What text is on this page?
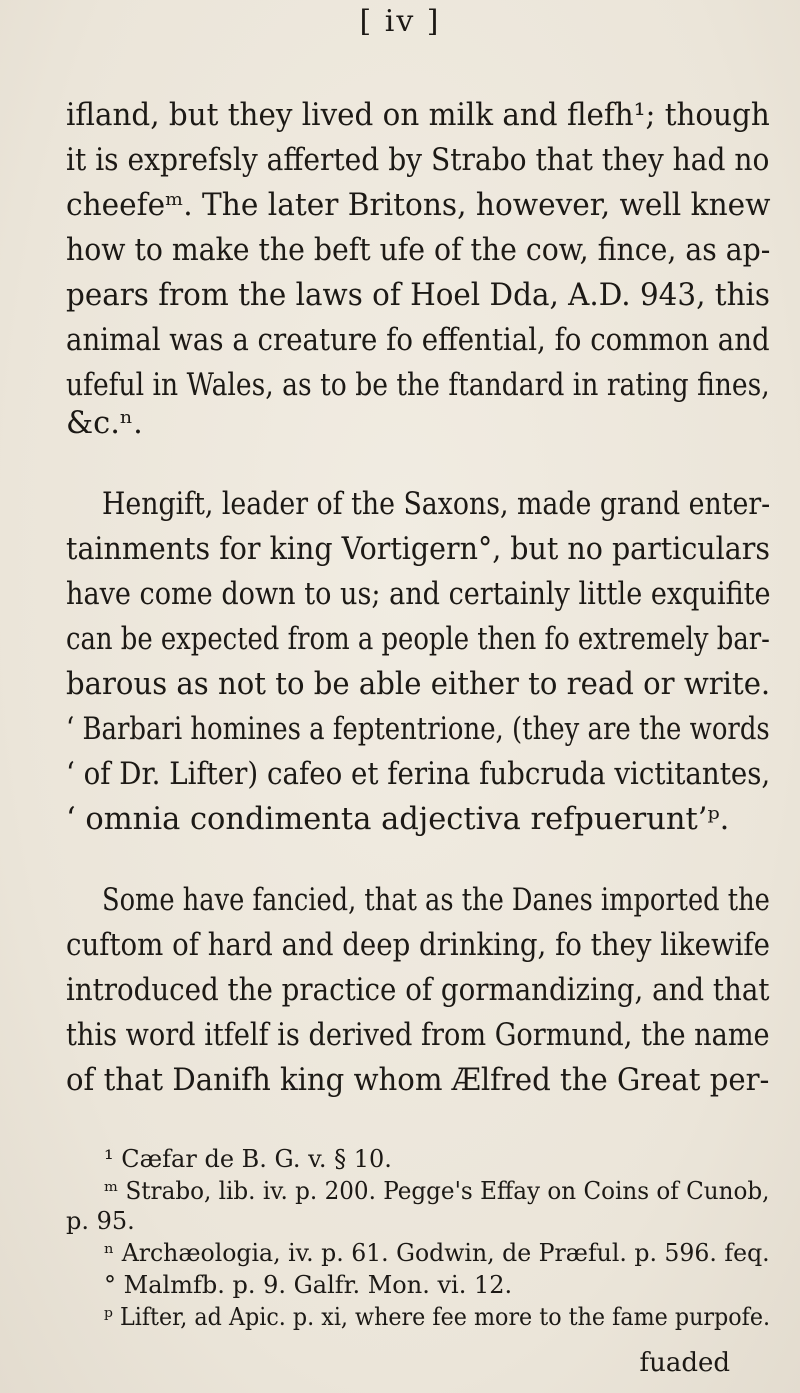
[ iv ]
ifland, but they lived on milk and flefh¹; though
it is exprefsly afferted by Strabo that they had no
cheefeᵐ. The later Britons, however, well knew
how to make the beft ufe of the cow, fince, as ap-
pears from the laws of Hoel Dda, A.D. 943, this
animal was a creature fo effential, fo common and
ufeful in Wales, as to be the ftandard in rating fines,
&c.ⁿ.
Hengift, leader of the Saxons, made grand enter-
tainments for king Vortigern°, but no particulars
have come down to us; and certainly little exquifite
can be expected from a people then fo extremely bar-
barous as not to be able either to read or write.
‘ Barbari homines a feptentrione, (they are the words
‘ of Dr. Lifter) cafeo et ferina fubcruda victitantes,
‘ omnia condimenta adjectiva refpuerunt’ᵖ.
Some have fancied, that as the Danes imported the
cuftom of hard and deep drinking, fo they likewife
introduced the practice of gormandizing, and that
this word itfelf is derived from Gormund, the name
of that Danifh king whom Ælfred the Great per-
¹ Cæfar de B. G. v. § 10.
ᵐ Strabo, lib. iv. p. 200. Pegge's Effay on Coins of Cunob,
p. 95.
ⁿ Archæologia, iv. p. 61. Godwin, de Præful. p. 596. feq.
° Malmfb. p. 9. Galfr. Mon. vi. 12.
ᵖ Lifter, ad Apic. p. xi, where fee more to the fame purpofe.
fuaded
